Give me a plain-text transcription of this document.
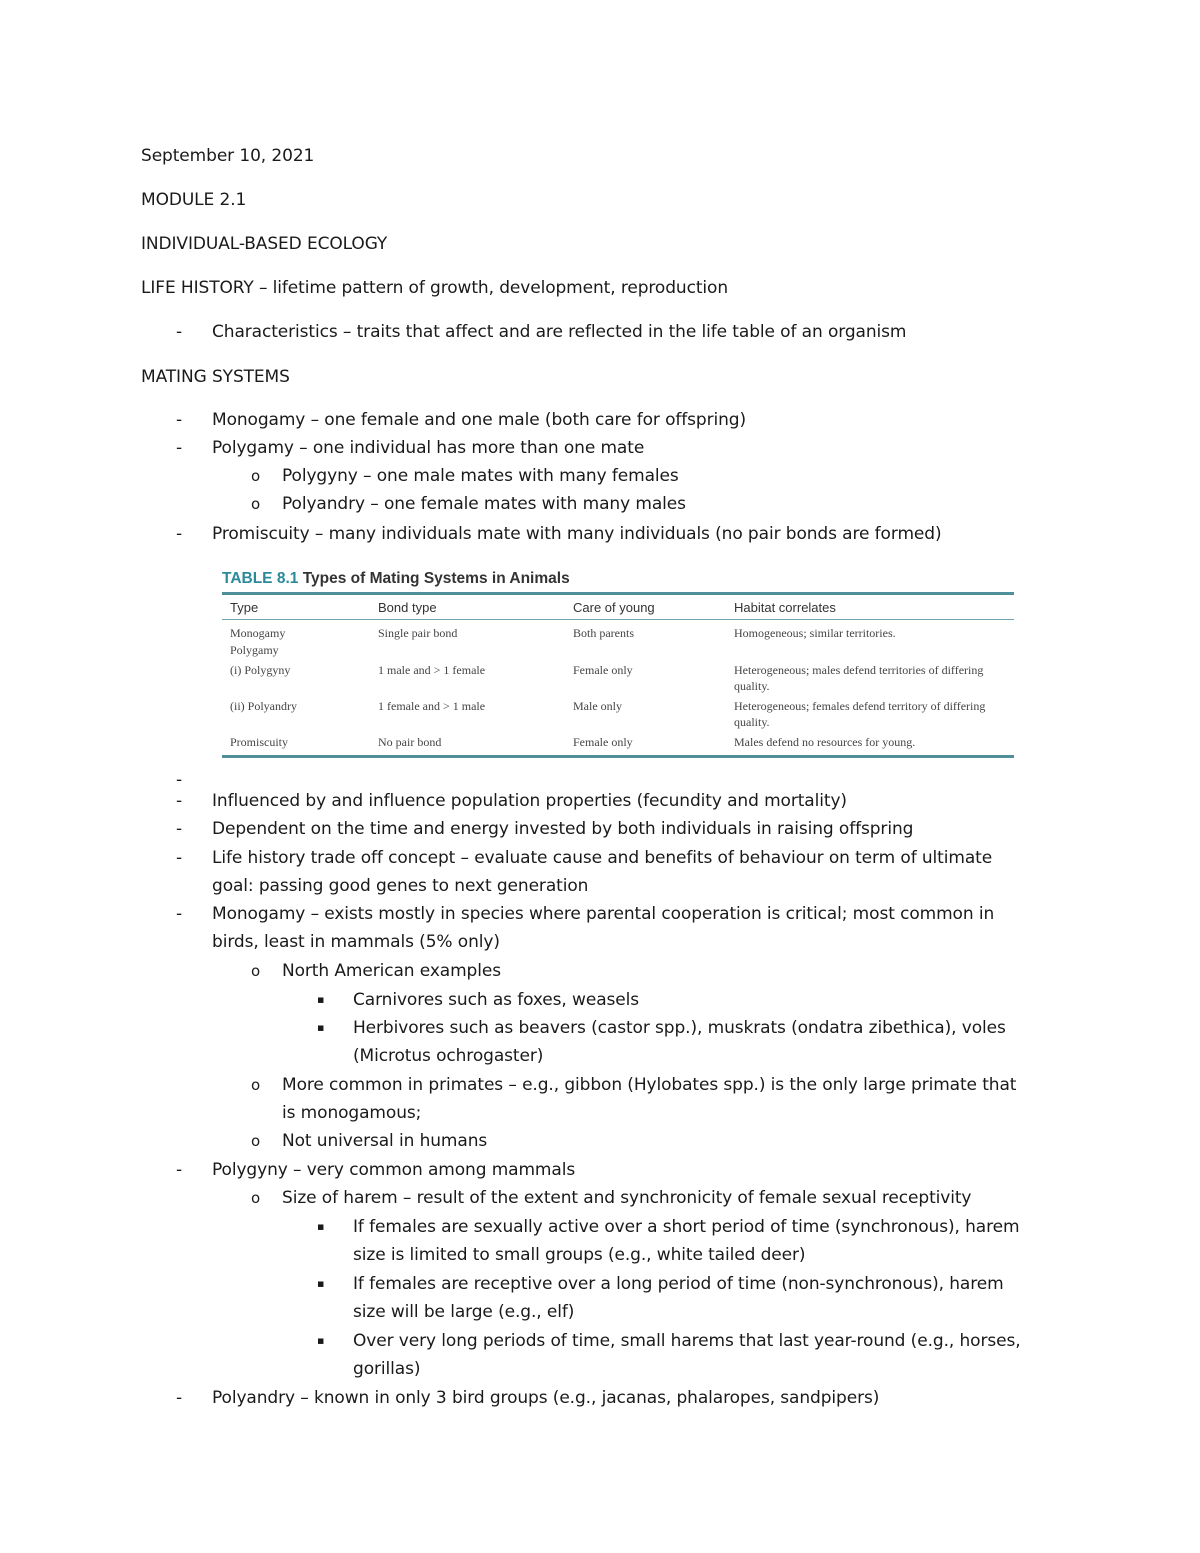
September 10, 2021
MODULE 2.1
INDIVIDUAL-BASED ECOLOGY
LIFE HISTORY – lifetime pattern of growth, development, reproduction
- Characteristics – traits that affect and are reflected in the life table of an organism
MATING SYSTEMS
- Monogamy – one female and one male (both care for offspring)
- Polygamy – one individual has more than one mate
o Polygyny – one male mates with many females
o Polyandry – one female mates with many males
- Promiscuity – many individuals mate with many individuals (no pair bonds are formed)
TABLE 8.1 Types of Mating Systems in Animals
Type	Bond type	Care of young	Habitat correlates

Monogamy	Single pair bond	Both parents	Homogeneous; similar territories.
Polygamy			
(i) Polygyny	1 male and > 1 female	Female only	Heterogeneous; males defend territories of differing quality.
(ii) Polyandry	1 female and > 1 male	Male only	Heterogeneous; females defend territory of differing quality.
Promiscuity	No pair bond	Female only	Males defend no resources for young.
-
- Influenced by and influence population properties (fecundity and mortality)
- Dependent on the time and energy invested by both individuals in raising offspring
- Life history trade off concept – evaluate cause and benefits of behaviour on term of ultimate
goal: passing good genes to next generation
- Monogamy – exists mostly in species where parental cooperation is critical; most common in
birds, least in mammals (5% only)
o North American examples
▪ Carnivores such as foxes, weasels
▪ Herbivores such as beavers (castor spp.), muskrats (ondatra zibethica), voles
(Microtus ochrogaster)
o More common in primates – e.g., gibbon (Hylobates spp.) is the only large primate that
is monogamous;
o Not universal in humans
- Polygyny – very common among mammals
o Size of harem – result of the extent and synchronicity of female sexual receptivity
▪ If females are sexually active over a short period of time (synchronous), harem
size is limited to small groups (e.g., white tailed deer)
▪ If females are receptive over a long period of time (non-synchronous), harem
size will be large (e.g., elf)
▪ Over very long periods of time, small harems that last year-round (e.g., horses,
gorillas)
- Polyandry – known in only 3 bird groups (e.g., jacanas, phalaropes, sandpipers)
